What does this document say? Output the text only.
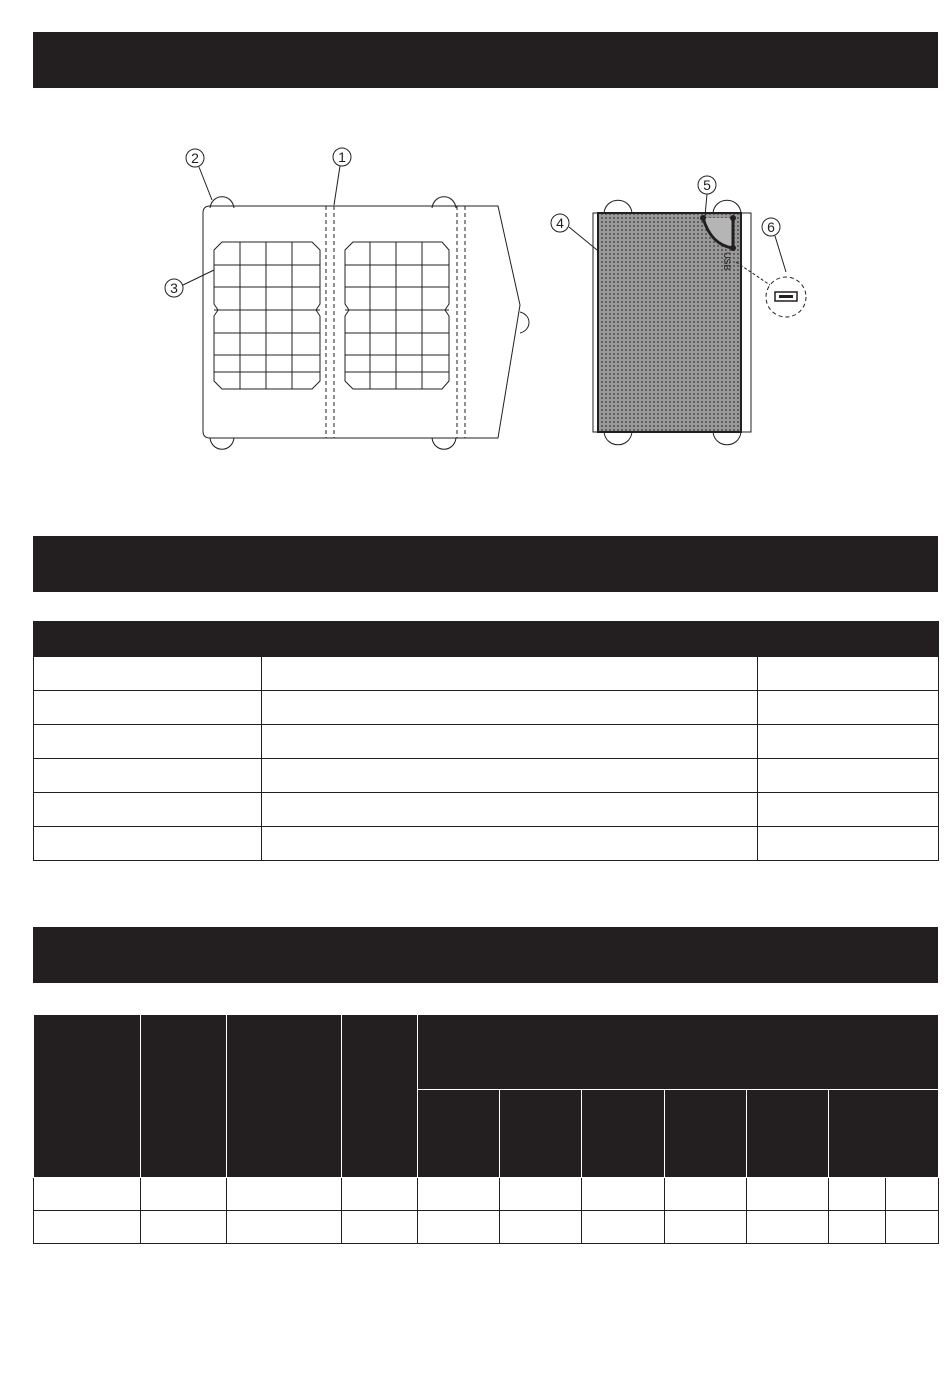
USB
1
2
3
4
5
6
